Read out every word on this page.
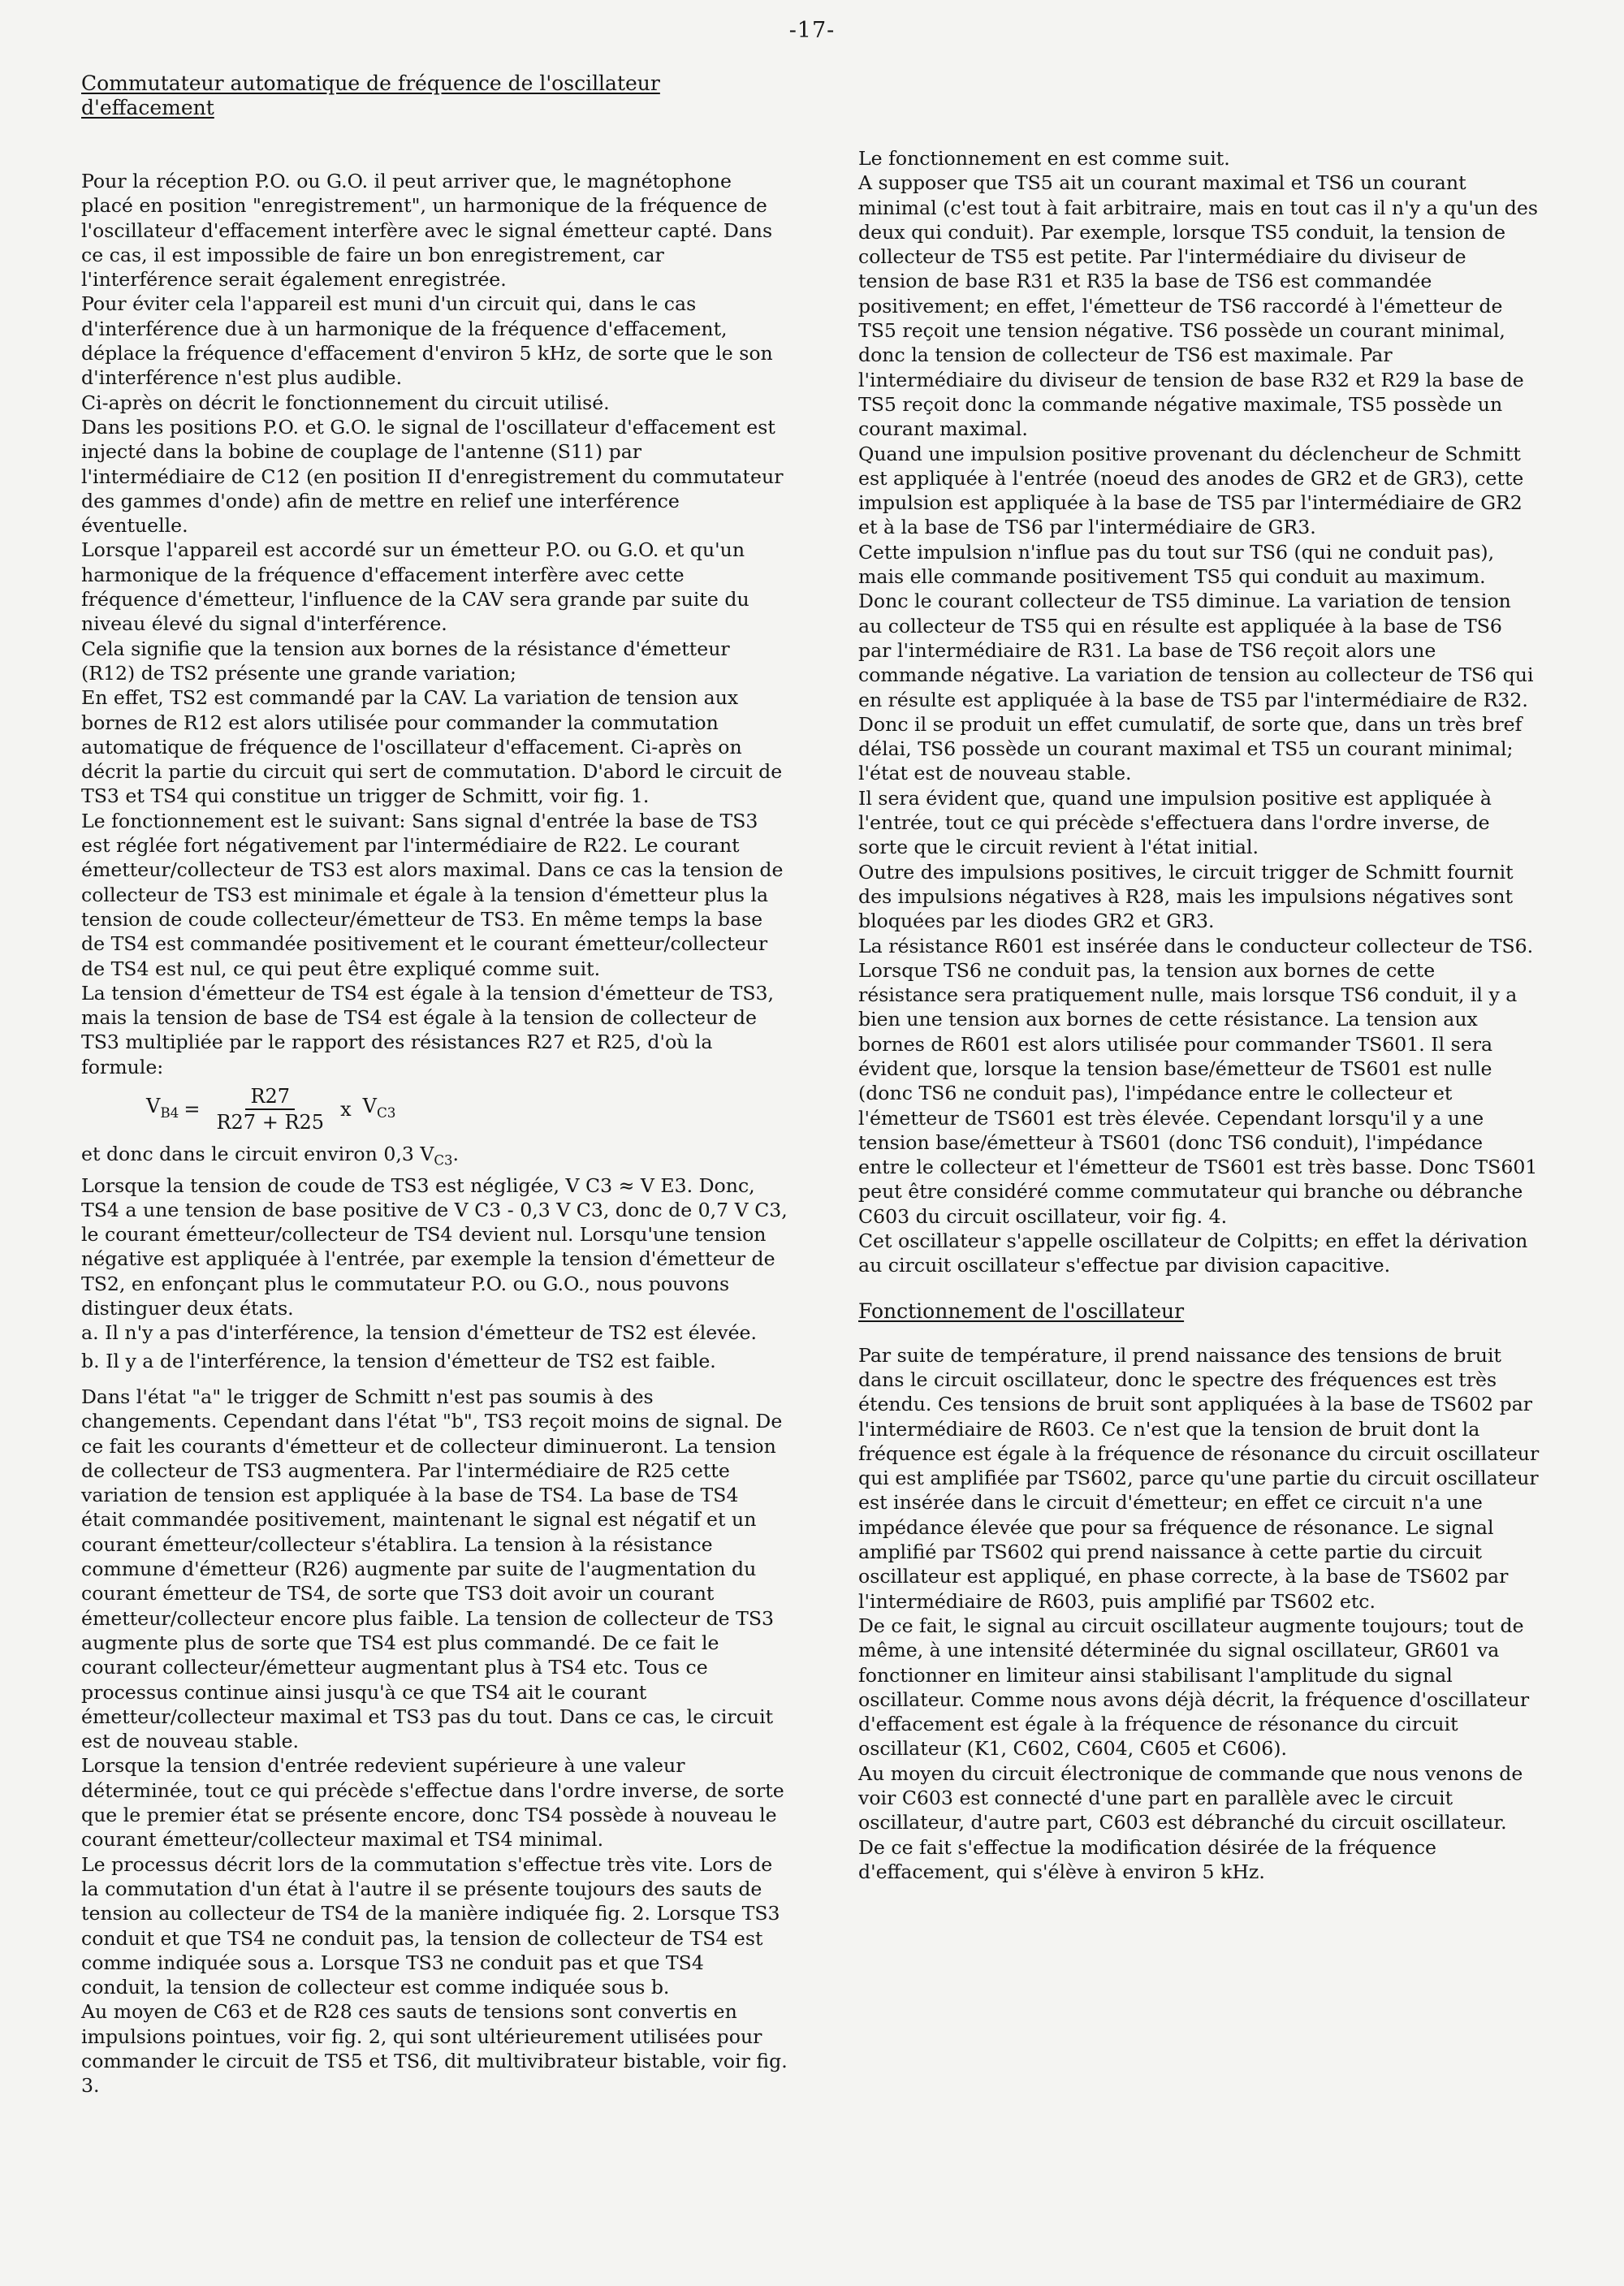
-17-
Commutateur automatique de fréquence de l'oscillateur d'effacement

Pour la réception P.O. ou G.O. il peut arriver que, le magnétophone placé en position "enregistrement", un harmonique de la fréquence de l'oscillateur d'effacement interfère avec le signal émetteur capté. Dans ce cas, il est impossible de faire un bon enregistrement, car l'interférence serait également enregistrée.

Pour éviter cela l'appareil est muni d'un circuit qui, dans le cas d'interférence due à un harmonique de la fréquence d'effacement, déplace la fréquence d'effacement d'environ 5 kHz, de sorte que le son d'interférence n'est plus audible.

Ci-après on décrit le fonctionnement du circuit utilisé.

Dans les positions P.O. et G.O. le signal de l'oscillateur d'effacement est injecté dans la bobine de couplage de l'antenne (S11) par l'intermédiaire de C12 (en position II d'enregistrement du commutateur des gammes d'onde) afin de mettre en relief une interférence éventuelle.

Lorsque l'appareil est accordé sur un émetteur P.O. ou G.O. et qu'un harmonique de la fréquence d'effacement interfère avec cette fréquence d'émetteur, l'influence de la CAV sera grande par suite du niveau élevé du signal d'interférence.

Cela signifie que la tension aux bornes de la résistance d'émetteur (R12) de TS2 présente une grande variation;

En effet, TS2 est commandé par la CAV. La variation de tension aux bornes de R12 est alors utilisée pour commander la commutation automatique de fréquence de l'oscillateur d'effacement. Ci-après on décrit la partie du circuit qui sert de commutation. D'abord le circuit de TS3 et TS4 qui constitue un trigger de Schmitt, voir fig. 1.

Le fonctionnement est le suivant: Sans signal d'entrée la base de TS3 est réglée fort négativement par l'intermédiaire de R22. Le courant émetteur/collecteur de TS3 est alors maximal. Dans ce cas la tension de collecteur de TS3 est minimale et égale à la tension d'émetteur plus la tension de coude collecteur/émetteur de TS3. En même temps la base de TS4 est commandée positivement et le courant émetteur/collecteur de TS4 est nul, ce qui peut être expliqué comme suit.

La tension d'émetteur de TS4 est égale à la tension d'émetteur de TS3, mais la tension de base de TS4 est égale à la tension de collecteur de TS3 multipliée par le rapport des résistances R27 et R25, d'où la formule:

$V_{B4} = \frac{R27}{R27 + R25}$ x $V_{C3}$

et donc dans le circuit environ 0,3 $V_{C3}$.

Lorsque la tension de coude de TS3 est négligée, V C3 ≈ V E3. Donc, TS4 a une tension de base positive de V C3 - 0,3 V C3, donc de 0,7 V C3, le courant émetteur/collecteur de TS4 devient nul. Lorsqu'une tension négative est appliquée à l'entrée, par exemple la tension d'émetteur de TS2, en enfonçant plus le commutateur P.O. ou G.O., nous pouvons distinguer deux états.

a. Il n'y a pas d'interférence, la tension d'émetteur de TS2 est élevée.

b. Il y a de l'interférence, la tension d'émetteur de TS2 est faible.

Dans l'état "a" le trigger de Schmitt n'est pas soumis à des changements. Cependant dans l'état "b", TS3 reçoit moins de signal. De ce fait les courants d'émetteur et de collecteur diminueront. La tension de collecteur de TS3 augmentera. Par l'intermédiaire de R25 cette variation de tension est appliquée à la base de TS4. La base de TS4 était commandée positivement, maintenant le signal est négatif et un courant émetteur/collecteur s'établira. La tension à la résistance commune d'émetteur (R26) augmente par suite de l'augmentation du courant émetteur de TS4, de sorte que TS3 doit avoir un courant émetteur/collecteur encore plus faible. La tension de collecteur de TS3 augmente plus de sorte que TS4 est plus commandé. De ce fait le courant collecteur/émetteur augmentant plus à TS4 etc. Tous ce processus continue ainsi jusqu'à ce que TS4 ait le courant émetteur/collecteur maximal et TS3 pas du tout. Dans ce cas, le circuit est de nouveau stable.

Lorsque la tension d'entrée redevient supérieure à une valeur déterminée, tout ce qui précède s'effectue dans l'ordre inverse, de sorte que le premier état se présente encore, donc TS4 possède à nouveau le courant émetteur/collecteur maximal et TS4 minimal.

Le processus décrit lors de la commutation s'effectue très vite. Lors de la commutation d'un état à l'autre il se présente toujours des sauts de tension au collecteur de TS4 de la manière indiquée fig. 2. Lorsque TS3 conduit et que TS4 ne conduit pas, la tension de collecteur de TS4 est comme indiquée sous a. Lorsque TS3 ne conduit pas et que TS4 conduit, la tension de collecteur est comme indiquée sous b.

Au moyen de C63 et de R28 ces sauts de tensions sont convertis en impulsions pointues, voir fig. 2, qui sont ultérieurement utilisées pour commander le circuit de TS5 et TS6, dit multivibrateur bistable, voir fig. 3.

Le fonctionnement en est comme suit.

A supposer que TS5 ait un courant maximal et TS6 un courant minimal (c'est tout à fait arbitraire, mais en tout cas il n'y a qu'un des deux qui conduit). Par exemple, lorsque TS5 conduit, la tension de collecteur de TS5 est petite. Par l'intermédiaire du diviseur de tension de base R31 et R35 la base de TS6 est commandée positivement; en effet, l'émetteur de TS6 raccordé à l'émetteur de TS5 reçoit une tension négative. TS6 possède un courant minimal, donc la tension de collecteur de TS6 est maximale. Par l'intermédiaire du diviseur de tension de base R32 et R29 la base de TS5 reçoit donc la commande négative maximale, TS5 possède un courant maximal.

Quand une impulsion positive provenant du déclencheur de Schmitt est appliquée à l'entrée (noeud des anodes de GR2 et de GR3), cette impulsion est appliquée à la base de TS5 par l'intermédiaire de GR2 et à la base de TS6 par l'intermédiaire de GR3.

Cette impulsion n'influe pas du tout sur TS6 (qui ne conduit pas), mais elle commande positivement TS5 qui conduit au maximum. Donc le courant collecteur de TS5 diminue. La variation de tension au collecteur de TS5 qui en résulte est appliquée à la base de TS6 par l'intermédiaire de R31. La base de TS6 reçoit alors une commande négative. La variation de tension au collecteur de TS6 qui en résulte est appliquée à la base de TS5 par l'intermédiaire de R32. Donc il se produit un effet cumulatif, de sorte que, dans un très bref délai, TS6 possède un courant maximal et TS5 un courant minimal; l'état est de nouveau stable.

Il sera évident que, quand une impulsion positive est appliquée à l'entrée, tout ce qui précède s'effectuera dans l'ordre inverse, de sorte que le circuit revient à l'état initial.

Outre des impulsions positives, le circuit trigger de Schmitt fournit des impulsions négatives à R28, mais les impulsions négatives sont bloquées par les diodes GR2 et GR3.

La résistance R601 est insérée dans le conducteur collecteur de TS6. Lorsque TS6 ne conduit pas, la tension aux bornes de cette résistance sera pratiquement nulle, mais lorsque TS6 conduit, il y a bien une tension aux bornes de cette résistance. La tension aux bornes de R601 est alors utilisée pour commander TS601. Il sera évident que, lorsque la tension base/émetteur de TS601 est nulle (donc TS6 ne conduit pas), l'impédance entre le collecteur et l'émetteur de TS601 est très élevée. Cependant lorsqu'il y a une tension base/émetteur à TS601 (donc TS6 conduit), l'impédance entre le collecteur et l'émetteur de TS601 est très basse. Donc TS601 peut être considéré comme commutateur qui branche ou débranche C603 du circuit oscillateur, voir fig. 4.

Cet oscillateur s'appelle oscillateur de Colpitts; en effet la dérivation au circuit oscillateur s'effectue par division capacitive.

Fonctionnement de l'oscillateur

Par suite de température, il prend naissance des tensions de bruit dans le circuit oscillateur, donc le spectre des fréquences est très étendu. Ces tensions de bruit sont appliquées à la base de TS602 par l'intermédiaire de R603. Ce n'est que la tension de bruit dont la fréquence est égale à la fréquence de résonance du circuit oscillateur qui est amplifiée par TS602, parce qu'une partie du circuit oscillateur est insérée dans le circuit d'émetteur; en effet ce circuit n'a une impédance élevée que pour sa fréquence de résonance. Le signal amplifié par TS602 qui prend naissance à cette partie du circuit oscillateur est appliqué, en phase correcte, à la base de TS602 par l'intermédiaire de R603, puis amplifié par TS602 etc.

De ce fait, le signal au circuit oscillateur augmente toujours; tout de même, à une intensité déterminée du signal oscillateur, GR601 va fonctionner en limiteur ainsi stabilisant l'amplitude du signal oscillateur. Comme nous avons déjà décrit, la fréquence d'oscillateur d'effacement est égale à la fréquence de résonance du circuit oscillateur (K1, C602, C604, C605 et C606).

Au moyen du circuit électronique de commande que nous venons de voir C603 est connecté d'une part en parallèle avec le circuit oscillateur, d'autre part, C603 est débranché du circuit oscillateur.

De ce fait s'effectue la modification désirée de la fréquence d'effacement, qui s'élève à environ 5 kHz.
